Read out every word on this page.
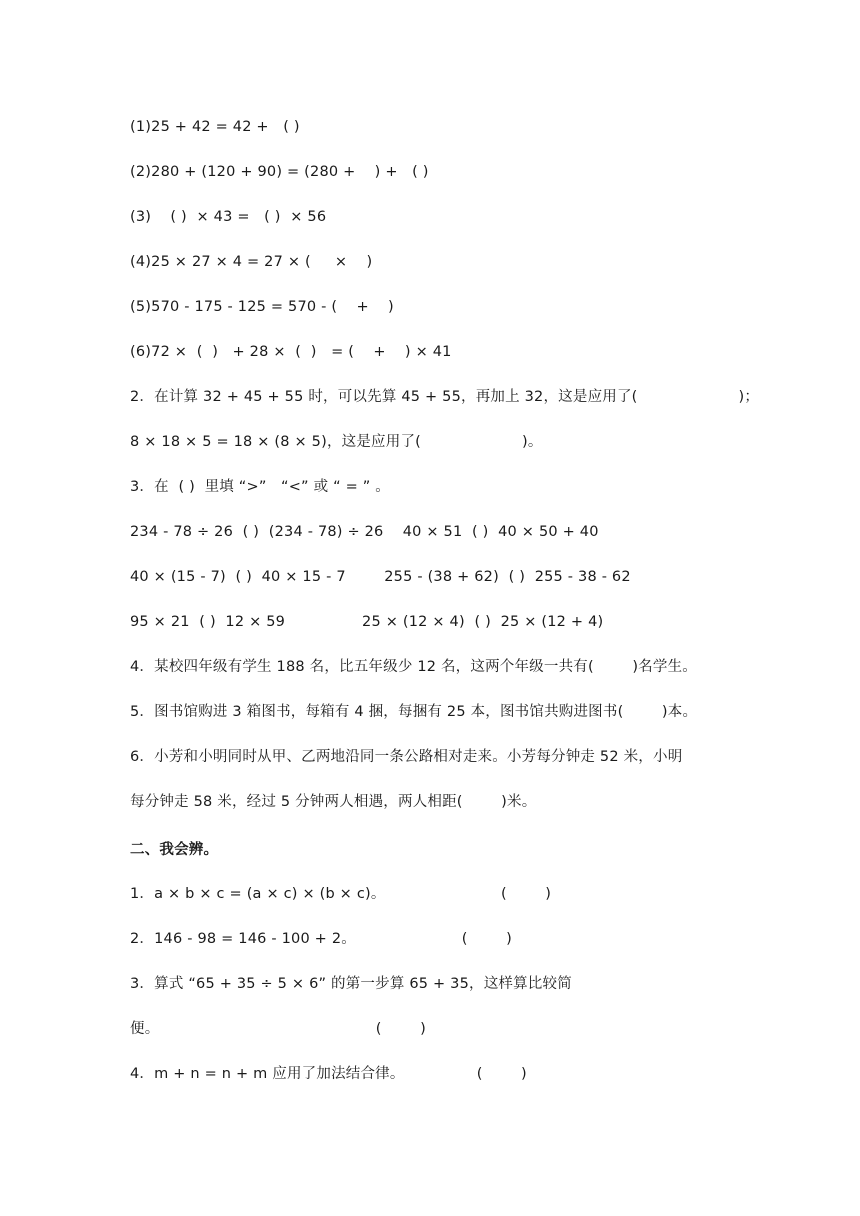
(1)25 + 42 = 42 +   ( )
(2)280 + (120 + 90) = (280 +    ) +   ( )
(3)    ( )  × 43 =   ( )  × 56
(4)25 × 27 × 4 = 27 × (     ×    )
(5)570 - 175 - 125 = 570 - (    +    )
(6)72 ×  (  )   + 28 ×  (  )   = (    +    ) × 41
2．在计算 32 + 45 + 55 时，可以先算 45 + 55，再加上 32，这是应用了(                     )；
8 × 18 × 5 = 18 × (8 × 5)，这是应用了(                     )。
3．在  ( )  里填 “>”   “<” 或 “ = ” 。
234 - 78 ÷ 26  ( )  (234 - 78) ÷ 26    40 × 51  ( )  40 × 50 + 40
40 × (15 - 7)  ( )  40 × 15 - 7        255 - (38 + 62)  ( )  255 - 38 - 62
95 × 21  ( )  12 × 59                25 × (12 × 4)  ( )  25 × (12 + 4)
4．某校四年级有学生 188 名，比五年级少 12 名，这两个年级一共有(        )名学生。
5．图书馆购进 3 箱图书，每箱有 4 捆，每捆有 25 本，图书馆共购进图书(        )本。
6．小芳和小明同时从甲、乙两地沿同一条公路相对走来。小芳每分钟走 52 米，小明
每分钟走 58 米，经过 5 分钟两人相遇，两人相距(        )米。
二、我会辨。
1．a × b × c = (a × c) × (b × c)。                        (        )
2．146 - 98 = 146 - 100 + 2。                      (        )
3．算式 “65 + 35 ÷ 5 × 6” 的第一步算 65 + 35，这样算比较简
便。                                             (        )
4．m + n = n + m 应用了加法结合律。               (        )
